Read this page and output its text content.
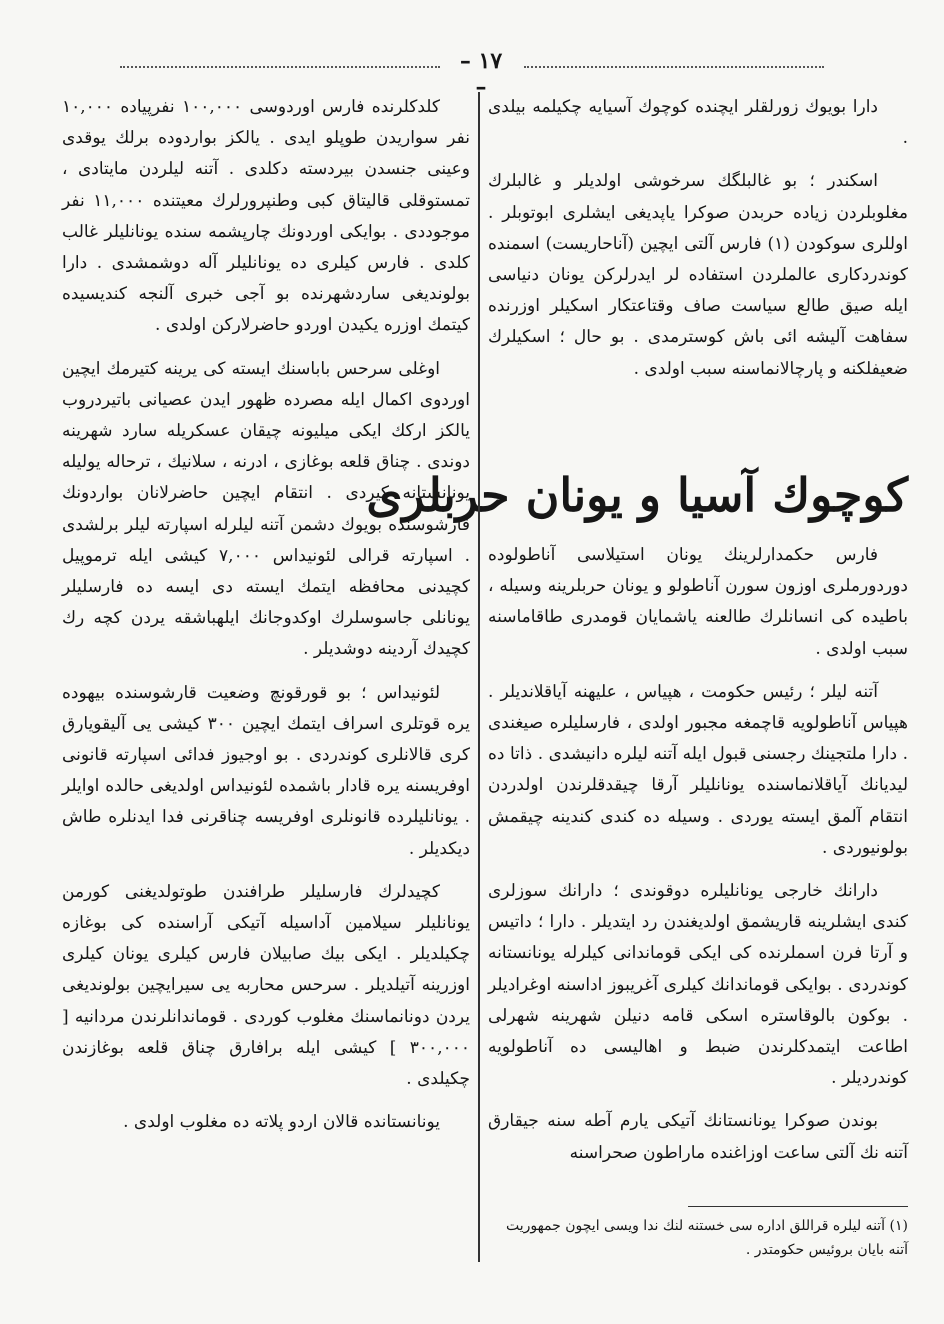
– ١٧ –

دارا بویوك زورلقلر ایچنده كوچوك آسیایه چكیلمه بیلدی .

اسكندر ؛ بو غالبلگك سرخوشی اولدیلر و غالبلرك مغلوبلردن زیاده حربدن صوكرا یاپدیغی ایشلری ابوتوبلر . اوللری سوكودن (١) فارس آلتی ایچین (آناحاریست) اسمنده كوندردكاری عالملردن استفاده لر ایدرلركن یونان دنیاسی ایله صیق طالع سیاست صاف وقتاعتكار اسكیلر اوزرنده سفاهت آلیشه ائی باش كوسترمدی . بو حال ؛ اسكیلرك ضعیفلكنه و پارچالانماسنه سبب اولدی .

كوچوك آسیا و یونان حربلری

فارس حكمدارلرینك یونان استیلاسی آناطولوده دوردورملری اوزون سورن آناطولو و یونان حربلرینه وسیله ، باطیده كی انسانلرك طالعنه یاشمایان قومدری طاقاماسنه سبب اولدی .

آتنه لیلر ؛ رئیس حكومت ، هپیاس ، علیهنه آیاقلاندیلر . هپیاس آناطولویه قاچمغه مجبور اولدی ، فارسلیلره صیغندی . دارا ملتجینك رجسنی قبول ایله آتنه لیلره دانیشدی . ذاتا ده لیدیانك آیاقلانماسنده یونانلیلر آرقا چیقدقلرندن اولدردن انتقام آلمق ایسته یوردی . وسیله ده كندی كندینه چیقمش بولونیوردی .

دارانك خارجی یونانلیلره دوقوندی ؛ دارانك سوزلری كندی ایشلرینه قاریشمق اولدیغندن رد ایتدیلر . دارا ؛ داتیس و آرتا فرن اسملرنده كی ایكی قوماندانی كیلرله یونانستانه كوندردی . بوایكی قوماندانك كیلری آغریبوز اداسنه اوغرادیلر . بوكون بالوقاستره اسكی قامه دنیلن شهرینه شهرلی اطاعت ایتمدكلرندن ضبط و اهالیسی ده آناطولویه كوندردیلر .

بوندن صوكرا یونانستانك آتیكی یارم آطه سنه جیقارق آتنه نك آلتی ساعت اوزاغنده ماراطون صحراسنه

(١) آتنه لیلره قراللق اداره سی خستنه لنك ندا ویسی ایچون جمهوریت آتنه بایان بروئیس حكومتدر .

كلدكلرنده فارس اوردوسی ١٠٠,٠٠٠ نفرپیاده ١٠,٠٠٠ نفر سواریدن طوپلو ایدی . یالكز بواردوده برلك یوقدی وعینی جنسدن بیردسته دكلدی . آتنه لیلردن مایتادی ، تمستوقلی قالیتاق كبی وطنپرورلرك معیتنده ١١,٠٠٠ نفر موجوددی . بوایكی اوردونك چارپشمه سنده یونانلیلر غالب كلدی . فارس كیلری ده یونانلیلر آله دوشمشدی . دارا بولوندیغی ساردشهرنده بو آجی خبری آلنجه كندیسیده كیتمك اوزره یكیدن اوردو حاضرلاركن اولدی .

اوغلی سرحس باباسنك ایسته كی یرینه كتیرمك ایچین اوردوی اكمال ایله مصرده ظهور ایدن عصیانی باتیردروب یالكز اركك ایكی میلیونه چیقان عسكریله سارد شهرینه دوندی . چناق قلعه بوغازی ، ادرنه ، سلانیك ، ترحاله یولیله یونانستانه كیردی . انتقام ایچین حاضرلانان بواردونك قارشوسنده بویوك دشمن آتنه لیلرله اسپارته لیلر برلشدی . اسپارته قرالی لئونیداس ٧,٠٠٠ كیشی ایله ترموپیل كچیدنی محافظه ایتمك ایسته دی ایسه ده فارسلیلر یونانلی جاسوسلرك اوكدوجانك ایلهباشقه یردن كچه رك كچیدك آردینه دوشدیلر .

لئونیداس ؛ بو قورقونچ وضعیت قارشوسنده بیهوده یره قوتلری اسراف ایتمك ایچین ٣٠٠ كیشی یی آلیقویارق كری قالانلری كوندردی . بو اوجیوز فدائی اسپارته قانونی اوفریسنه یره قادار باشمده لئونیداس اولدیغی حالده اوایلر . یونانلیلرده قانونلری اوفریسه چناقرنی فدا ایدنلره طاش دیكدیلر .

كچیدلرك فارسلیلر طرافندن طوتولدیغنی كورمن یونانلیلر سیلامین آداسیله آتیكی آراسنده كی بوغازه چكیلدیلر . ایكی بیك صابیلان فارس كیلری یونان كیلری اوزرینه آتیلدیلر . سرحس محاربه یی سیرایچین بولوندیغی یردن دونانماسنك مغلوب كوردی . قوماندانلرندن مردانیه [ ٣٠٠,٠٠٠ ] كیشی ایله برافارق چناق قلعه بوغازندن چكیلدی .

یونانستانده قالان اردو پلاته ده مغلوب اولدی .
